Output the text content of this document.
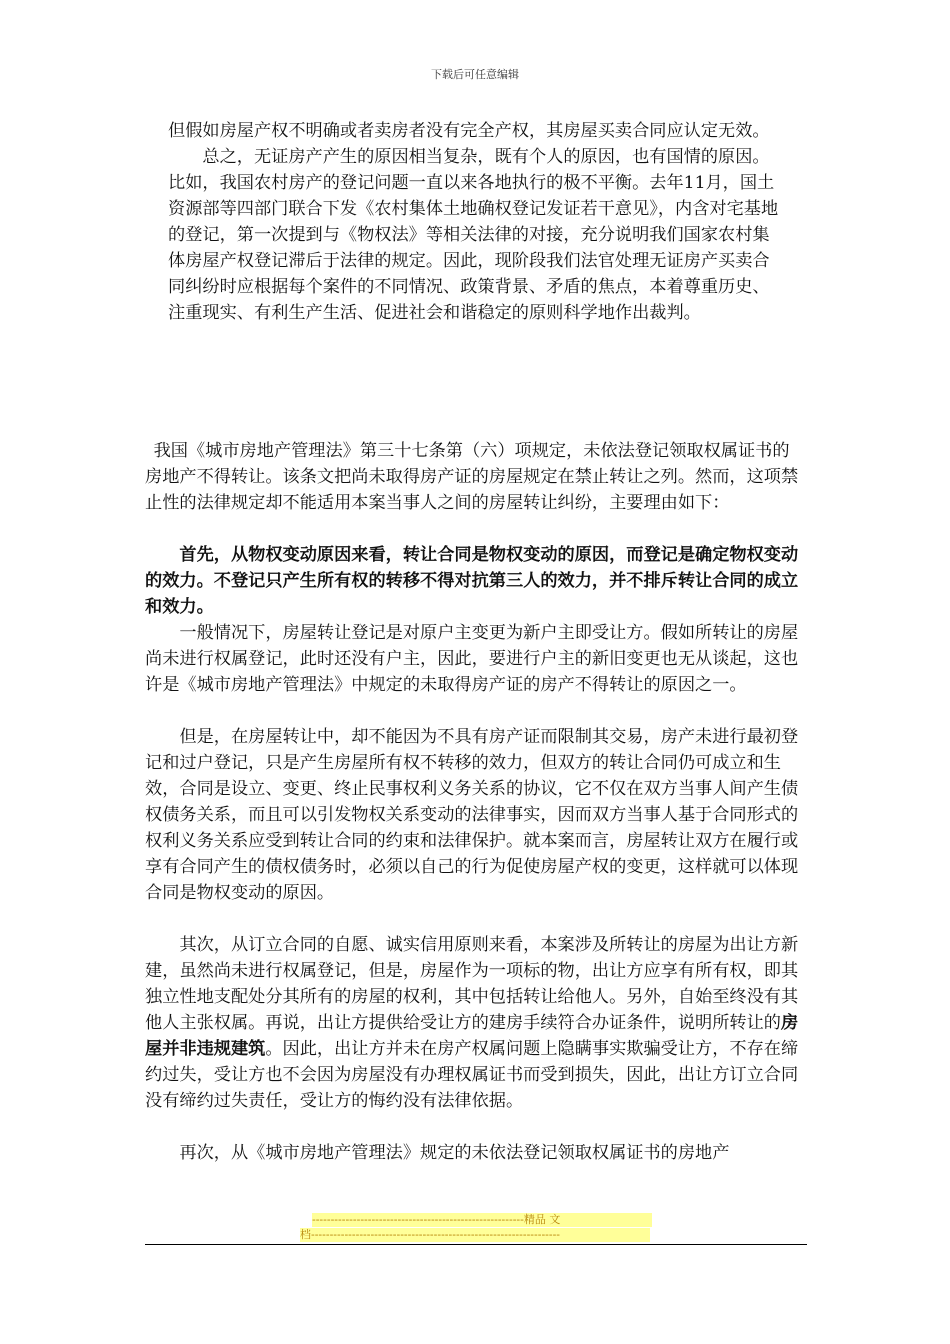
下载后可任意编辑

但假如房屋产权不明确或者卖房者没有完全产权，其房屋买卖合同应认定无效。

总之，无证房产产生的原因相当复杂，既有个人的原因，也有国情的原因。比如，我国农村房产的登记问题一直以来各地执行的极不平衡。去年11月，国土资源部等四部门联合下发《农村集体土地确权登记发证若干意见》，内含对宅基地的登记，第一次提到与《物权法》等相关法律的对接，充分说明我们国家农村集体房屋产权登记滞后于法律的规定。因此，现阶段我们法官处理无证房产买卖合同纠纷时应根据每个案件的不同情况、政策背景、矛盾的焦点，本着尊重历史、注重现实、有利生产生活、促进社会和谐稳定的原则科学地作出裁判。

我国《城市房地产管理法》第三十七条第（六）项规定，未依法登记领取权属证书的房地产不得转让。该条文把尚未取得房产证的房屋规定在禁止转让之列。然而，这项禁止性的法律规定却不能适用本案当事人之间的房屋转让纠纷，主要理由如下：

首先，从物权变动原因来看，转让合同是物权变动的原因，而登记是确定物权变动的效力。不登记只产生所有权的转移不得对抗第三人的效力，并不排斥转让合同的成立和效力。

一般情况下，房屋转让登记是对原户主变更为新户主即受让方。假如所转让的房屋尚未进行权属登记，此时还没有户主，因此，要进行户主的新旧变更也无从谈起，这也许是《城市房地产管理法》中规定的未取得房产证的房产不得转让的原因之一。

但是，在房屋转让中，却不能因为不具有房产证而限制其交易，房产未进行最初登记和过户登记，只是产生房屋所有权不转移的效力，但双方的转让合同仍可成立和生效，合同是设立、变更、终止民事权利义务关系的协议，它不仅在双方当事人间产生债权债务关系，而且可以引发物权关系变动的法律事实，因而双方当事人基于合同形式的权利义务关系应受到转让合同的约束和法律保护。就本案而言，房屋转让双方在履行或享有合同产生的债权债务时，必须以自己的行为促使房屋产权的变更，这样就可以体现合同是物权变动的原因。

其次，从订立合同的自愿、诚实信用原则来看，本案涉及所转让的房屋为出让方新建，虽然尚未进行权属登记，但是，房屋作为一项标的物，出让方应享有所有权，即其独立性地支配处分其所有的房屋的权利，其中包括转让给他人。另外，自始至终没有其他人主张权属。再说，出让方提供给受让方的建房手续符合办证条件，说明所转让的房屋并非违规建筑。因此，出让方并未在房产权属问题上隐瞒事实欺骗受让方，不存在缔约过失，受让方也不会因为房屋没有办理权属证书而受到损失，因此，出让方订立合同没有缔约过失责任，受让方的悔约没有法律依据。

再次，从《城市房地产管理法》规定的未依法登记领取权属证书的房地产

---------------------------------------------------------精品 文
档-------------------------------------------------------------------
